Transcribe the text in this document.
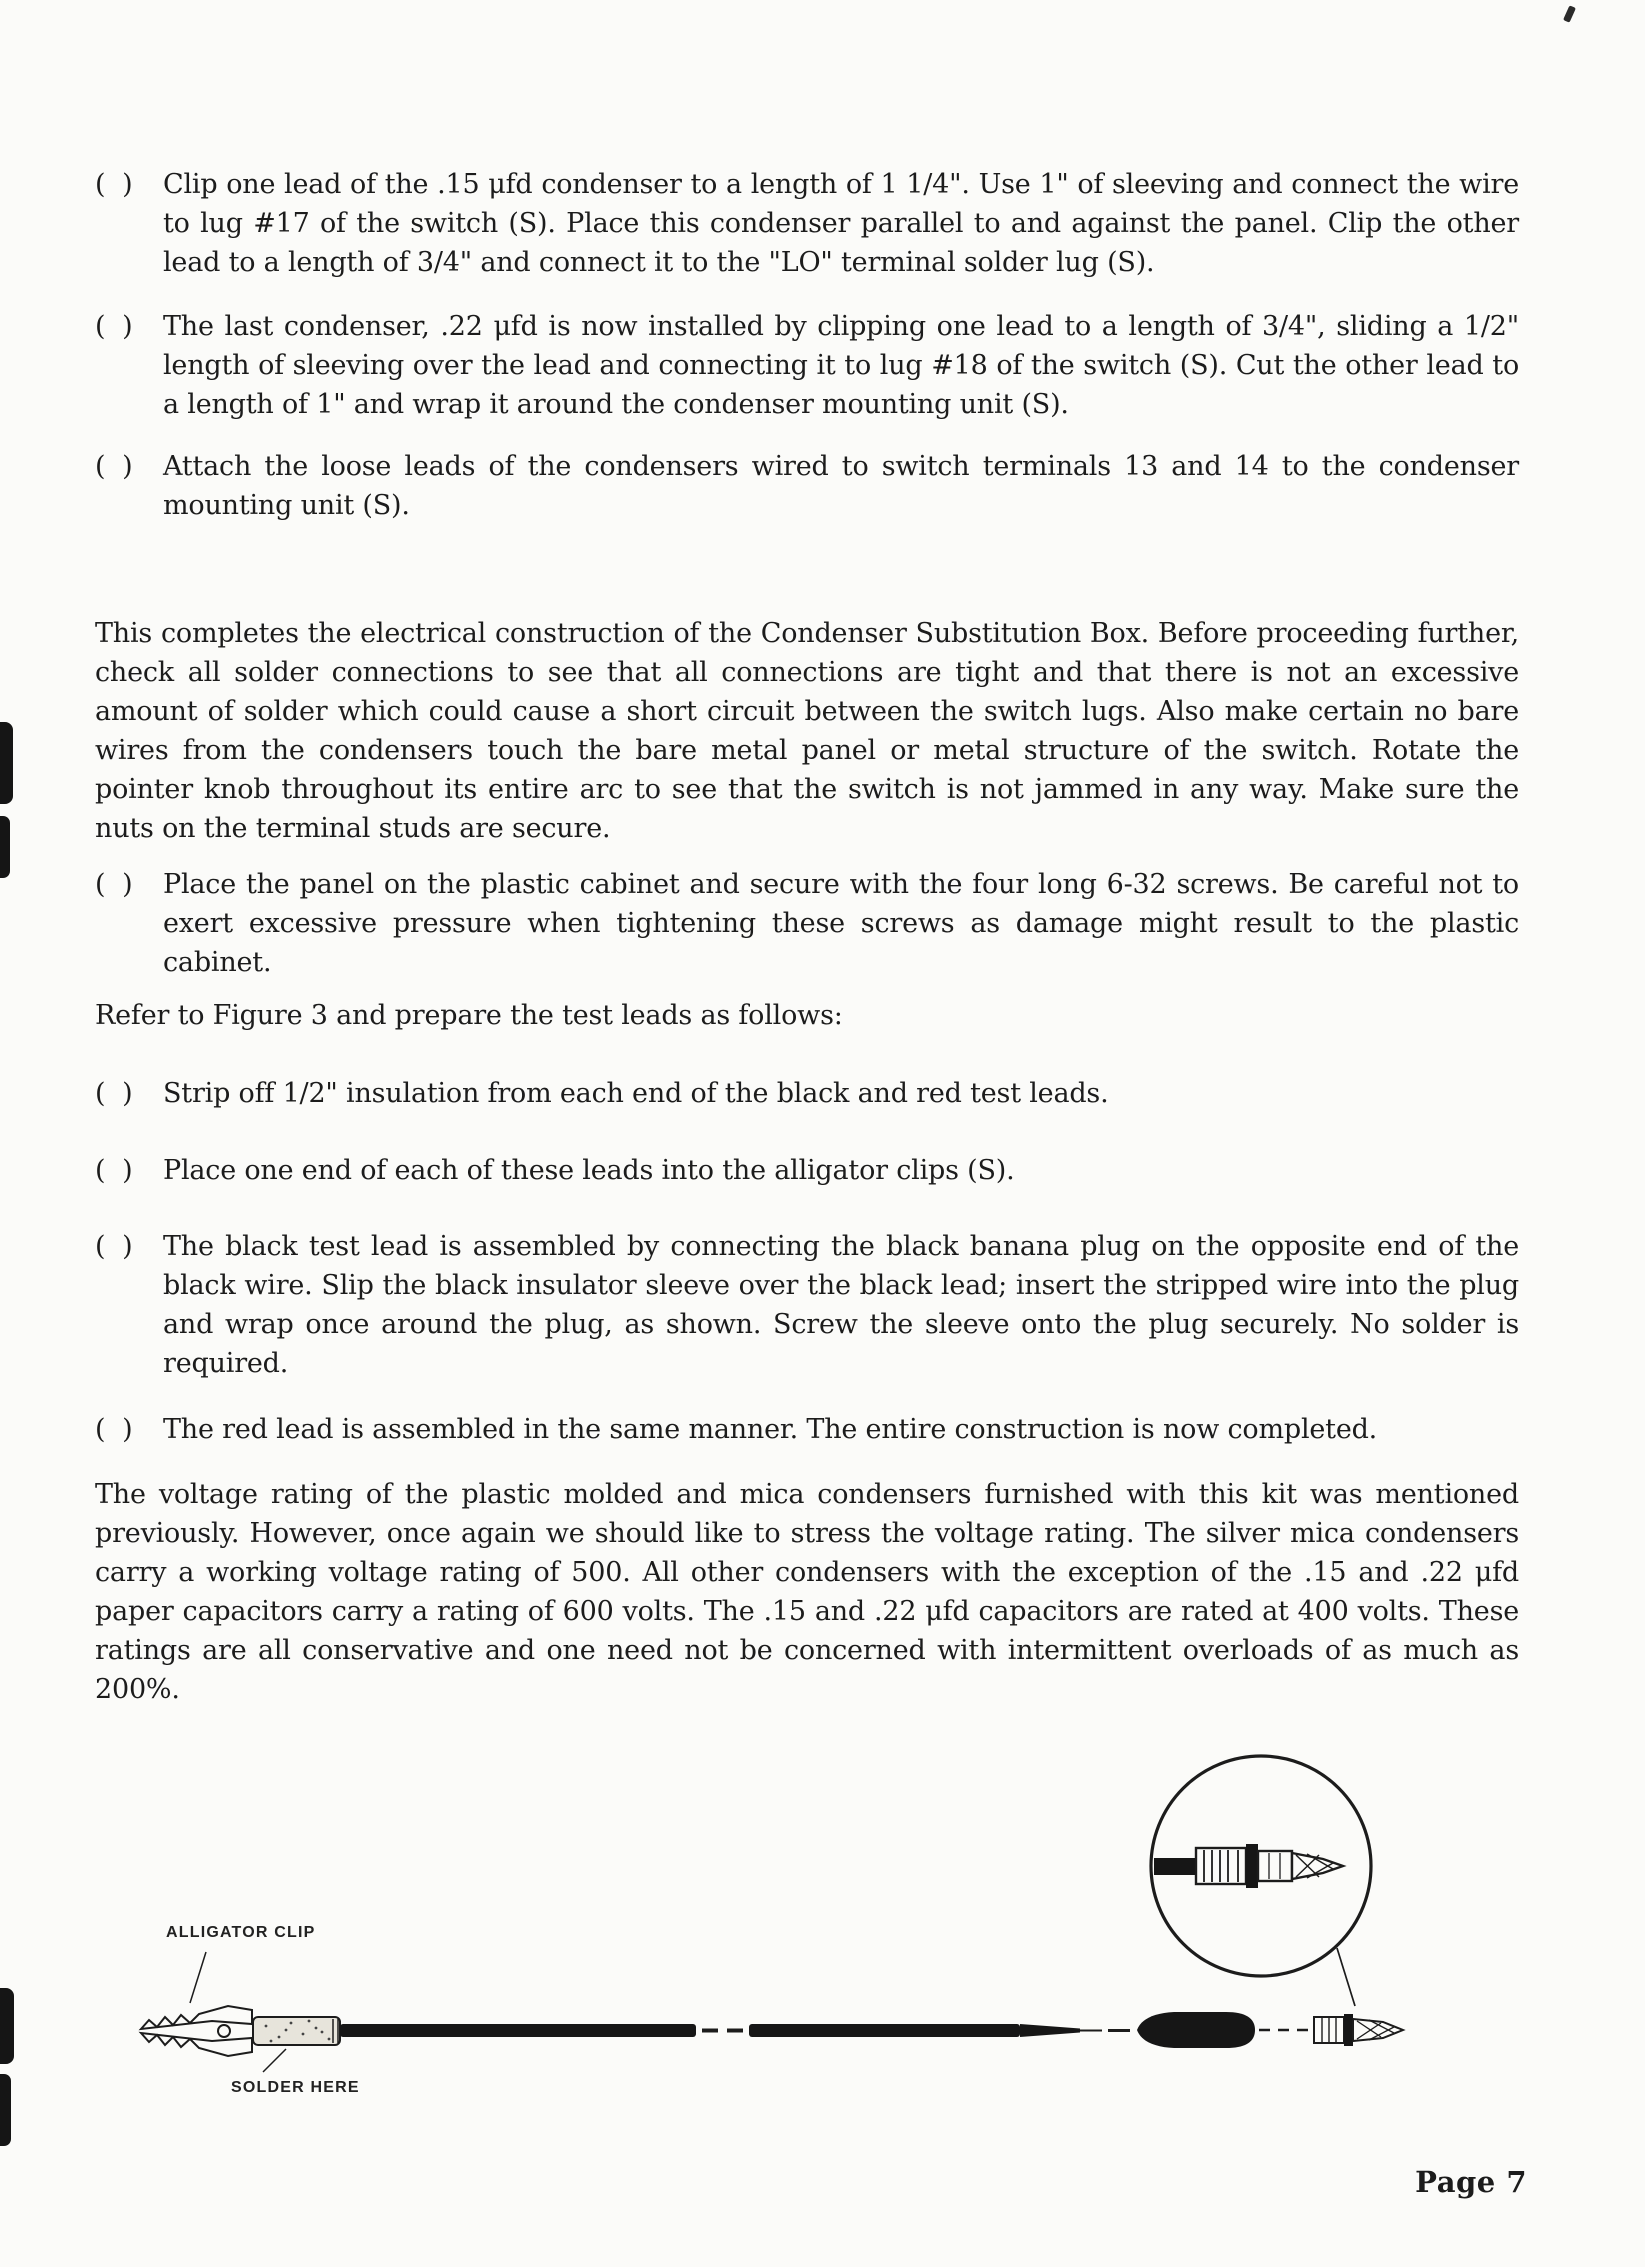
(  ) Clip one lead of the .15 μfd condenser to a length of 1 1/4". Use 1" of sleeving and connect the wire to lug #17 of the switch (S). Place this condenser parallel to and against the panel. Clip the other lead to a length of 3/4" and connect it to the "LO" terminal solder lug (S).
(  ) The last condenser, .22 μfd is now installed by clipping one lead to a length of 3/4", sliding a 1/2" length of sleeving over the lead and connecting it to lug #18 of the switch (S). Cut the other lead to a length of 1" and wrap it around the condenser mounting unit (S).
(  ) Attach the loose leads of the condensers wired to switch terminals 13 and 14 to the condenser mounting unit (S).

This completes the electrical construction of the Condenser Substitution Box. Before proceeding further, check all solder connections to see that all connections are tight and that there is not an excessive amount of solder which could cause a short circuit between the switch lugs. Also make certain no bare wires from the condensers touch the bare metal panel or metal structure of the switch. Rotate the pointer knob throughout its entire arc to see that the switch is not jammed in any way. Make sure the nuts on the terminal studs are secure.

(  ) Place the panel on the plastic cabinet and secure with the four long 6-32 screws. Be careful not to exert excessive pressure when tightening these screws as damage might result to the plastic cabinet.

Refer to Figure 3 and prepare the test leads as follows:

(  ) Strip off 1/2" insulation from each end of the black and red test leads.
(  ) Place one end of each of these leads into the alligator clips (S).
(  ) The black test lead is assembled by connecting the black banana plug on the opposite end of the black wire. Slip the black insulator sleeve over the black lead; insert the stripped wire into the plug and wrap once around the plug, as shown. Screw the sleeve onto the plug securely. No solder is required.
(  ) The red lead is assembled in the same manner. The entire construction is now completed.

The voltage rating of the plastic molded and mica condensers furnished with this kit was mentioned previously. However, once again we should like to stress the voltage rating. The silver mica condensers carry a working voltage rating of 500. All other condensers with the exception of the .15 and .22 μfd paper capacitors carry a rating of 600 volts. The .15 and .22 μfd capacitors are rated at 400 volts. These ratings are all conservative and one need not be concerned with intermittent overloads of as much as 200%.

ALLIGATOR CLIP
SOLDER HERE
Page 7
